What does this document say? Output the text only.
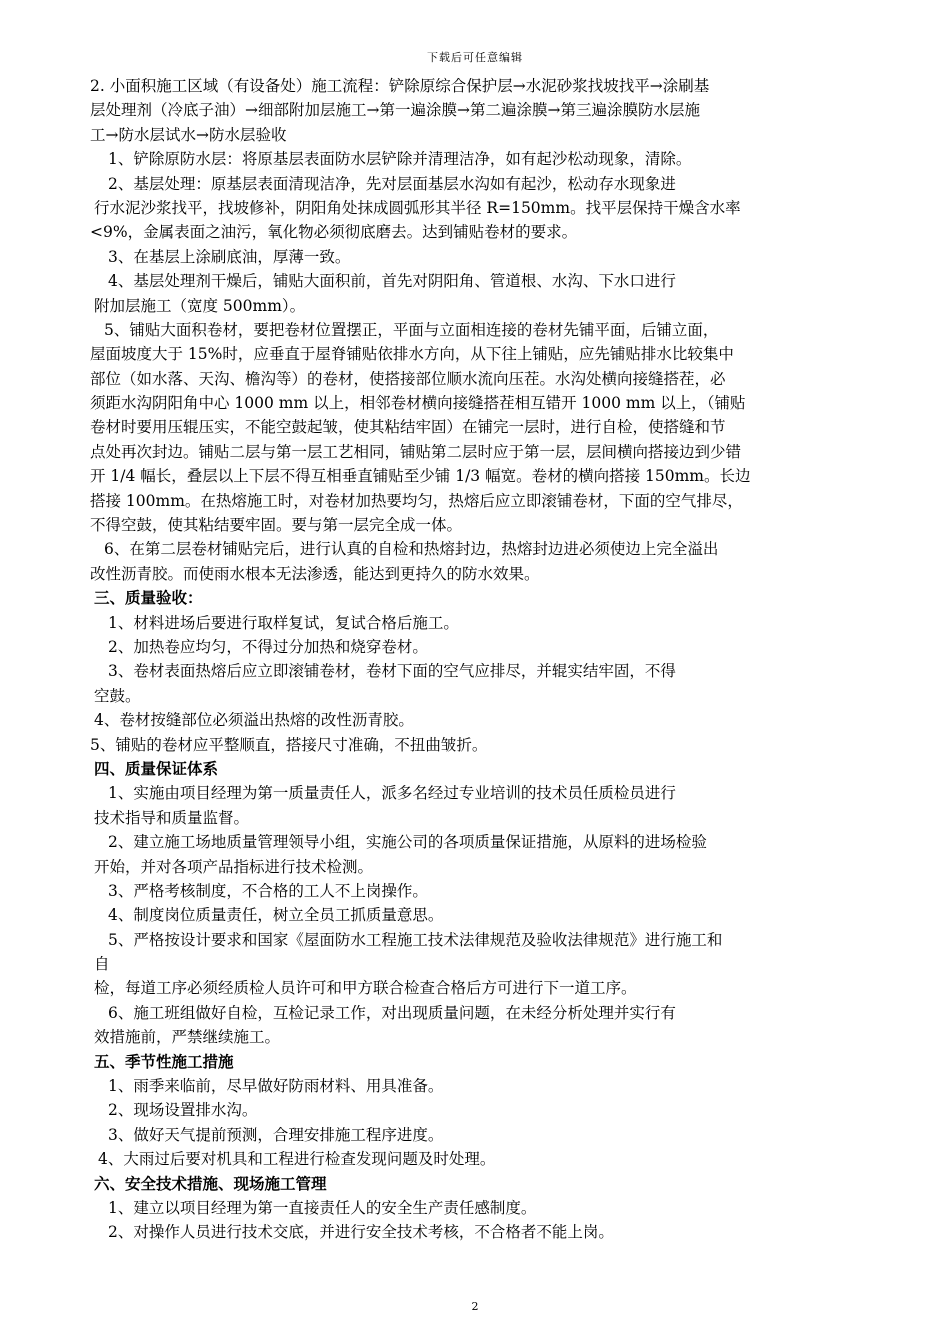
下载后可任意编辑
2. 小面积施工区域（有设备处）施工流程：铲除原综合保护层→水泥砂浆找坡找平→涂刷基
层处理剂（冷底子油）→细部附加层施工→第一遍涂膜→第二遍涂膜→第三遍涂膜防水层施
工→防水层试水→防水层验收
1、铲除原防水层：将原基层表面防水层铲除并清理洁净，如有起沙松动现象，清除。
2、基层处理：原基层表面清现洁净，先对层面基层水沟如有起沙，松动存水现象进
行水泥沙浆找平，找坡修补，阴阳角处抹成圆弧形其半径 R=150mm。找平层保持干燥含水率
<9%，金属表面之油污，氧化物必须彻底磨去。达到铺贴卷材的要求。
3、在基层上涂刷底油，厚薄一致。
4、基层处理剂干燥后，铺贴大面积前，首先对阴阳角、管道根、水沟、下水口进行
附加层施工（宽度 500mm）。
5、铺贴大面积卷材，要把卷材位置摆正，平面与立面相连接的卷材先铺平面，后铺立面，
屋面坡度大于 15%时，应垂直于屋脊铺贴依排水方向，从下往上铺贴，应先铺贴排水比较集中
部位（如水落、天沟、檐沟等）的卷材，使搭接部位顺水流向压茬。水沟处横向接缝搭茬，必
须距水沟阴阳角中心 1000 mm 以上，相邻卷材横向接缝搭茬相互错开 1000 mm 以上，（铺贴
卷材时要用压辊压实，不能空鼓起皱，使其粘结牢固）在铺完一层时，进行自检，使搭缝和节
点处再次封边。铺贴二层与第一层工艺相同，铺贴第二层时应于第一层，层间横向搭接边到少错
开 1/4 幅长，叠层以上下层不得互相垂直铺贴至少铺 1/3 幅宽。卷材的横向搭接 150mm。长边
搭接 100mm。在热熔施工时，对卷材加热要均匀，热熔后应立即滚铺卷材，下面的空气排尽，
不得空鼓，使其粘结要牢固。要与第一层完全成一体。
6、在第二层卷材铺贴完后，进行认真的自检和热熔封边，热熔封边进必须使边上完全溢出
改性沥青胶。而使雨水根本无法渗透，能达到更持久的防水效果。
三、质量验收：
1、材料进场后要进行取样复试，复试合格后施工。
2、加热卷应均匀，不得过分加热和烧穿卷材。
3、卷材表面热熔后应立即滚铺卷材，卷材下面的空气应排尽，并辊实结牢固，不得
空鼓。
4、卷材按缝部位必须溢出热熔的改性沥青胶。
5、铺贴的卷材应平整顺直，搭接尺寸准确，不扭曲皱折。
四、质量保证体系
1、实施由项目经理为第一质量责任人，派多名经过专业培训的技术员任质检员进行
技术指导和质量监督。
2、建立施工场地质量管理领导小组，实施公司的各项质量保证措施，从原料的进场检验
开始，并对各项产品指标进行技术检测。
3、严格考核制度，不合格的工人不上岗操作。
4、制度岗位质量责任，树立全员工抓质量意思。
5、严格按设计要求和国家《屋面防水工程施工技术法律规范及验收法律规范》进行施工和
自
检，每道工序必须经质检人员许可和甲方联合检查合格后方可进行下一道工序。
6、施工班组做好自检，互检记录工作，对出现质量问题，在未经分析处理并实行有
效措施前，严禁继续施工。
五、季节性施工措施
1、雨季来临前，尽早做好防雨材料、用具准备。
2、现场设置排水沟。
3、做好天气提前预测，合理安排施工程序进度。
4、大雨过后要对机具和工程进行检查发现问题及时处理。
六、安全技术措施、现场施工管理
1、建立以项目经理为第一直接责任人的安全生产责任感制度。
2、对操作人员进行技术交底，并进行安全技术考核，不合格者不能上岗。
2
